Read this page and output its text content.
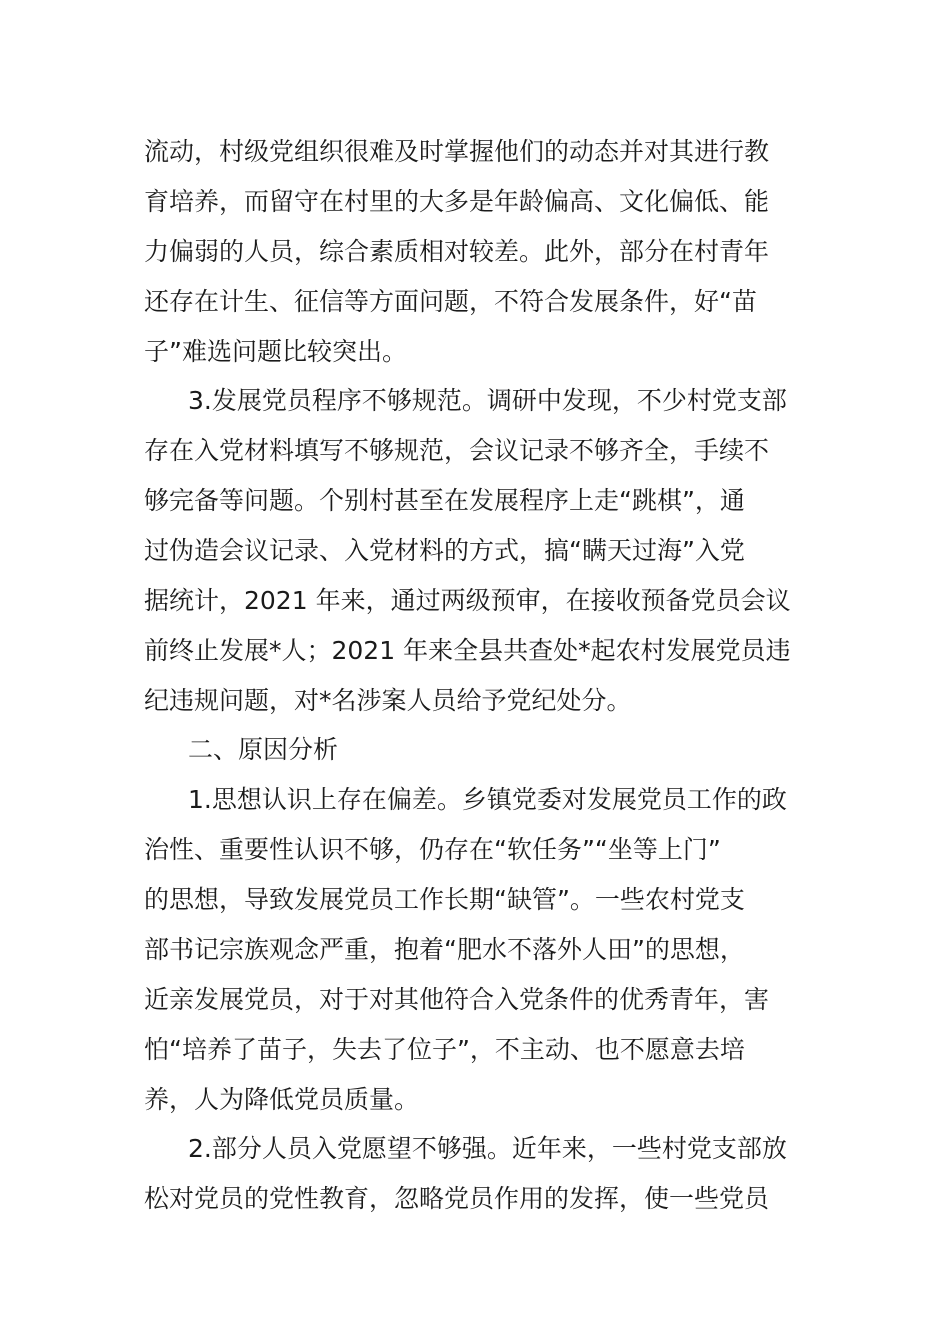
流动，村级党组织很难及时掌握他们的动态并对其进行教
育培养，而留守在村里的大多是年龄偏高、文化偏低、能
力偏弱的人员，综合素质相对较差。此外，部分在村青年
还存在计生、征信等方面问题，不符合发展条件，好“苗
子”难选问题比较突出。
3.发展党员程序不够规范。调研中发现，不少村党支部
存在入党材料填写不够规范，会议记录不够齐全，手续不
够完备等问题。个别村甚至在发展程序上走“跳棋”，通
过伪造会议记录、入党材料的方式，搞“瞒天过海”入党
据统计，2021 年来，通过两级预审，在接收预备党员会议
前终止发展*人；2021 年来全县共查处*起农村发展党员违
纪违规问题，对*名涉案人员给予党纪处分。
二、原因分析
1.思想认识上存在偏差。乡镇党委对发展党员工作的政
治性、重要性认识不够，仍存在“软任务”“坐等上门”
的思想，导致发展党员工作长期“缺管”。一些农村党支
部书记宗族观念严重，抱着“肥水不落外人田”的思想，
近亲发展党员，对于对其他符合入党条件的优秀青年，害
怕“培养了苗子，失去了位子”，不主动、也不愿意去培
养，人为降低党员质量。
2.部分人员入党愿望不够强。近年来，一些村党支部放
松对党员的党性教育，忽略党员作用的发挥，使一些党员
